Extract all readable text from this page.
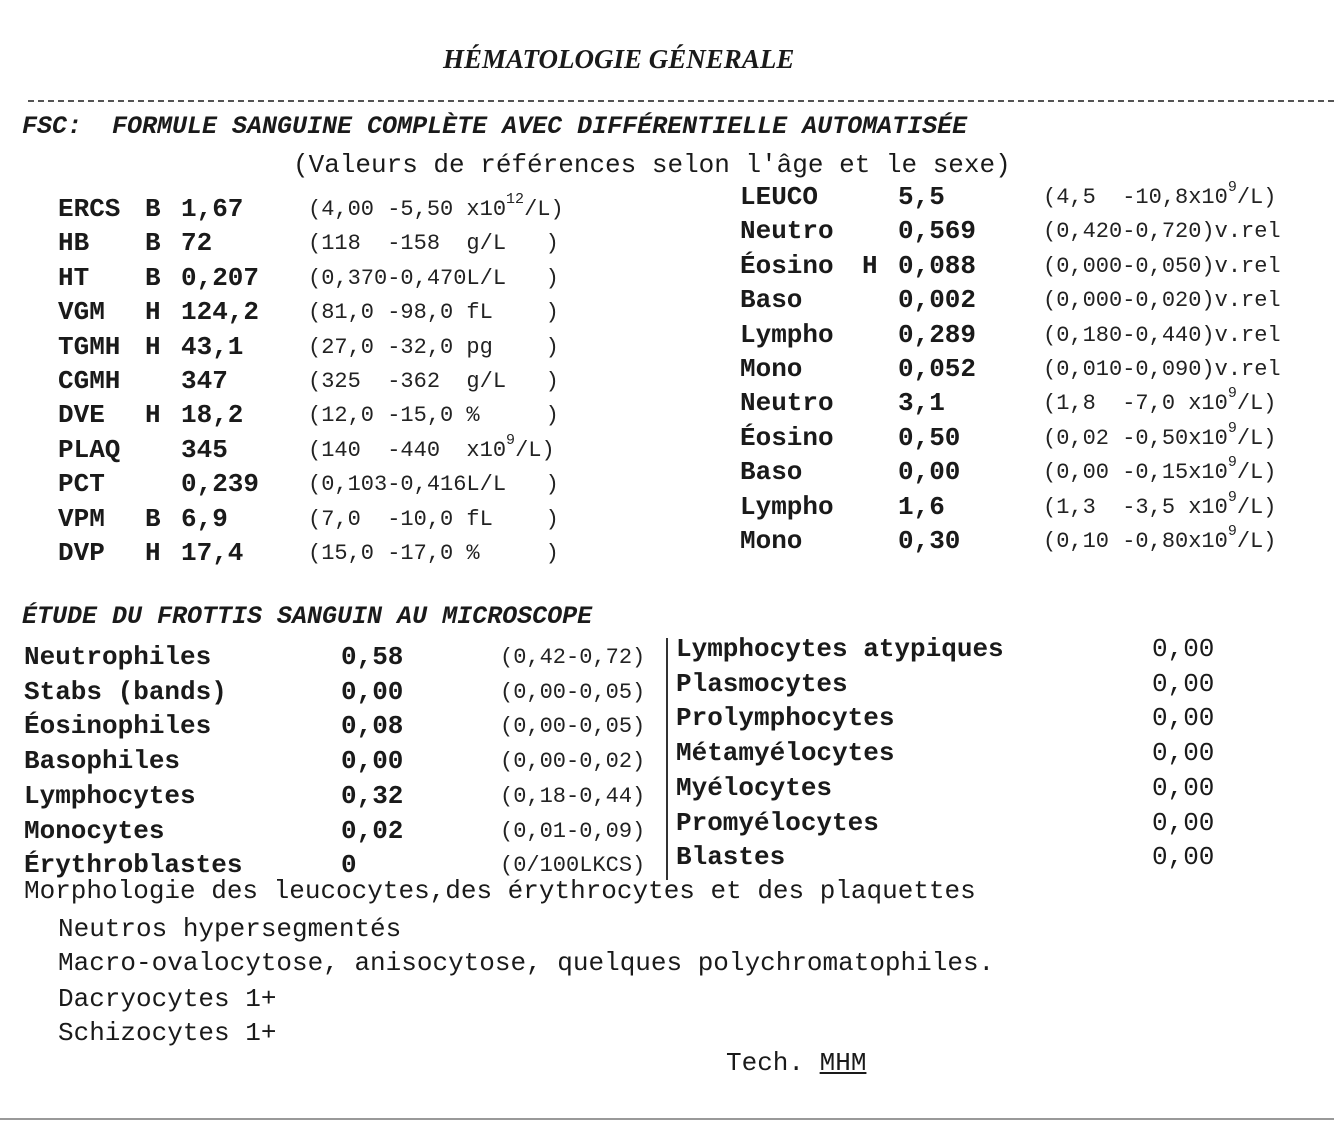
HÉMATOLOGIE GÉNERALE
FSC:  FORMULE SANGUINE COMPLÈTE AVEC DIFFÉRENTIELLE AUTOMATISÉE
(Valeurs de références selon l'âge et le sexe)
ERCS B 1,67	(4,00 -5,50 $x10^{12}/L$)
HB B 72	(118  -158  g/L   )
HT B 0,207 (0,370-0,470L/L   )
VGM H 124,2 (81,0 -98,0 fL    )
TGMH H 43,1	(27,0 -32,0 pg    )
CGMH 347	(325  -362  g/L   )
DVE H 18,2	(12,0 -15,0 %     )
PLAQ 345	(140  -440  $x10^9/L$)
PCT	0,239 (0,103-0,416L/L   )
VPM B 6,9	(7,0  -10,0 fL    )
DVP H 17,4	(15,0 -17,0 %     )
LEUCO	5,5	(4,5  $-10,8x10^9/L$)
Neutro 0,569	(0,420-0,720)v.rel
Éosino H 0,088	(0,000-0,050)v.rel
Baso	0,002	(0,000-0,020)v.rel
Lympho 0,289	(0,180-0,440)v.rel
Mono	0,052	(0,010-0,090)v.rel
Neutro 3,1	(1,8  -7,0 $x10^9/L$)
Éosino 0,50	(0,02 $-0,50x10^9/L$)
Baso	0,00	(0,00 $-0,15x10^9/L$)
Lympho 1,6	(1,3  -3,5 $x10^9/L$)
Mono	0,30	(0,10 $-0,80x10^9/L$)
ÉTUDE DU FROTTIS SANGUIN AU MICROSCOPE
Neutrophiles	0,58	(0,42-0,72)
Stabs (bands)	0,00	(0,00-0,05)
Éosinophiles	0,08	(0,00-0,05)
Basophiles	0,00	(0,00-0,02)
Lymphocytes	0,32	(0,18-0,44)
Monocytes	0,02	(0,01-0,09)
Érythroblastes	0	(0/100LKCS)
Lymphocytes atypiques	0,00
Plasmocytes	0,00
Prolymphocytes	0,00
Métamyélocytes	0,00
Myélocytes	0,00
Promyélocytes	0,00
Blastes	0,00
Morphologie des leucocytes,des érythrocytes et des plaquettes
Neutros hypersegmentés
Macro-ovalocytose, anisocytose, quelques polychromatophiles.
Dacryocytes 1+
Schizocytes 1+
Tech. MHM
